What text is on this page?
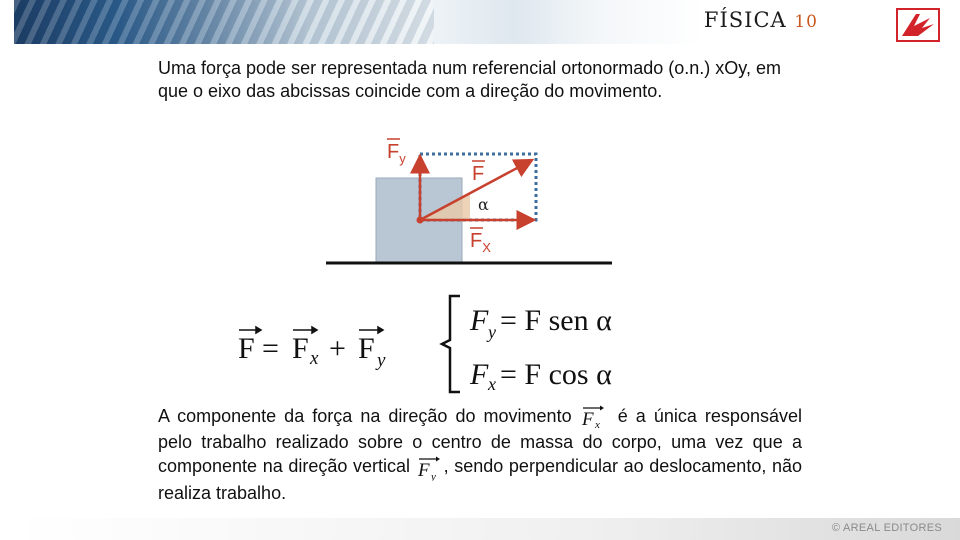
FÍSICA 10
Uma força pode ser representada num referencial ortonormado (o.n.) xOy, em que o eixo das abcissas coincide com a direção do movimento.
$F_y$
F
α
$F_X$
F = F x + F y
F y = F sen α
F x = F cos α
A componente da força na direção do movimento F x é a única responsável pelo trabalho realizado sobre o centro de massa do corpo, uma vez que a componente na direção vertical F y
, sendo perpendicular ao deslocamento, não realiza trabalho.
© AREAL EDITORES
